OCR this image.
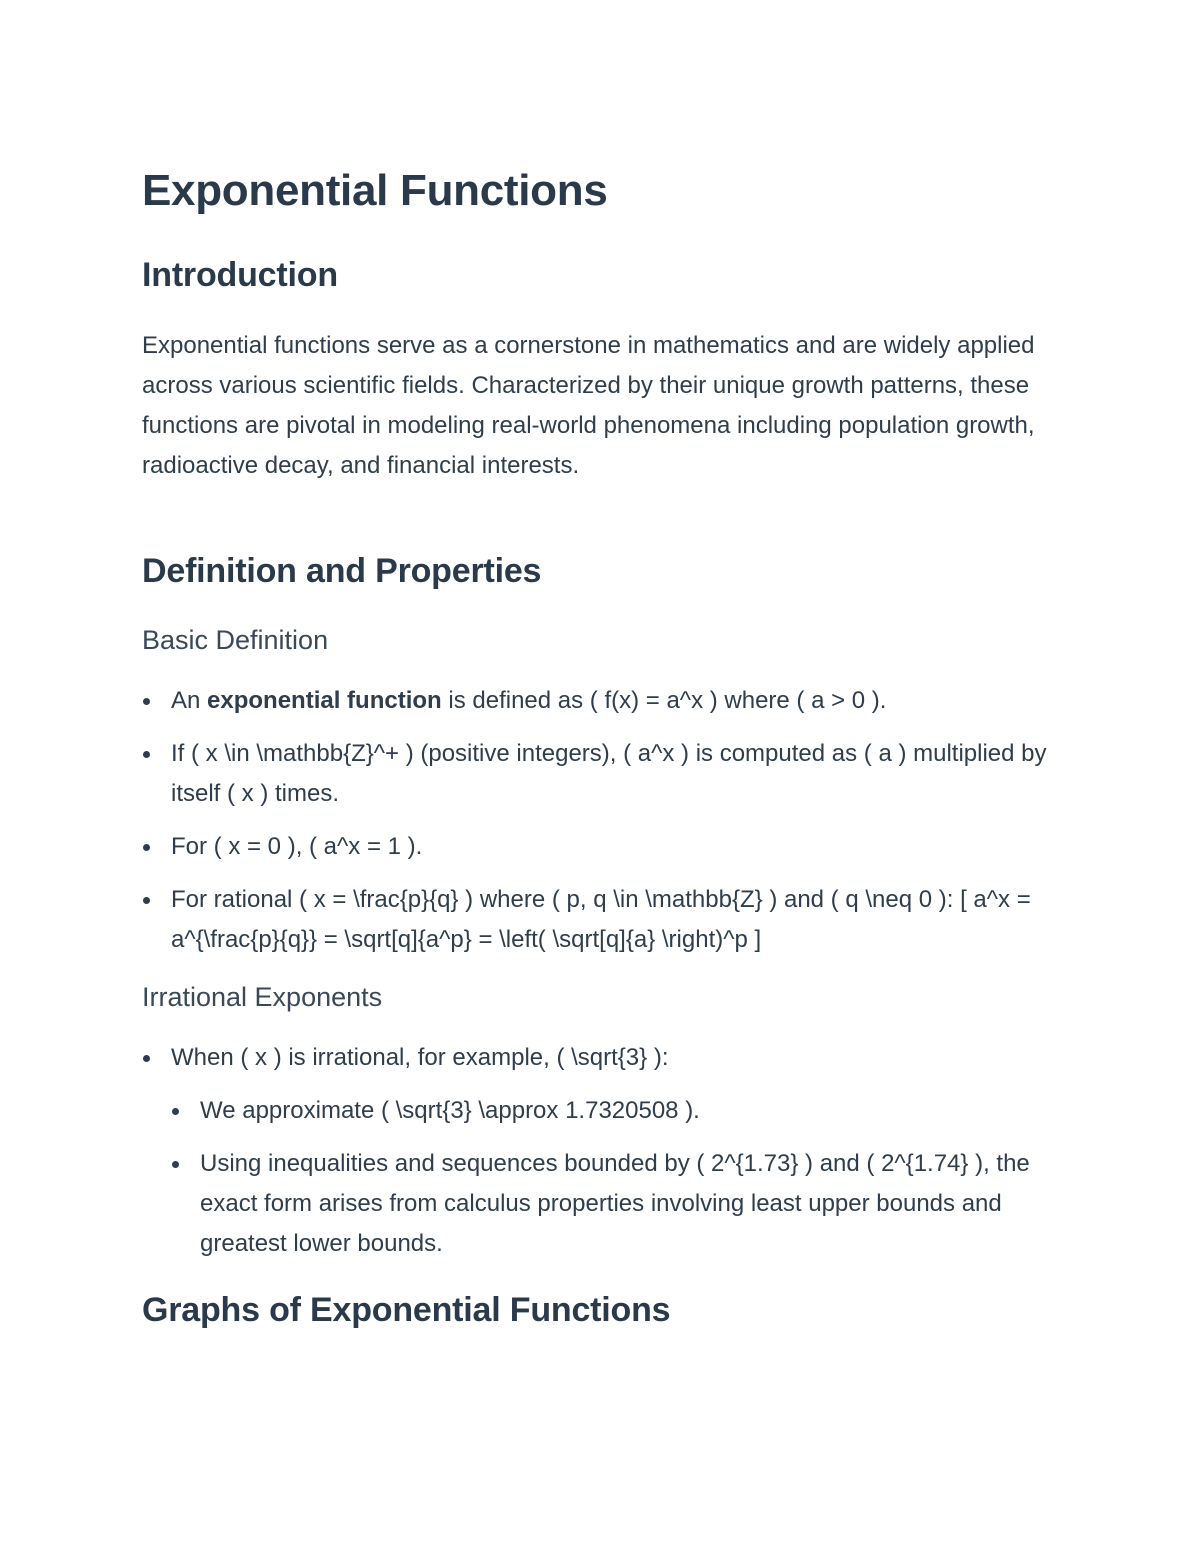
Exponential Functions
Introduction

Exponential functions serve as a cornerstone in mathematics and are widely applied across various scientific fields. Characterized by their unique growth patterns, these functions are pivotal in modeling real-world phenomena including population growth, radioactive decay, and financial interests.

Definition and Properties
Basic Definition
An exponential function is defined as ( f(x) = a^x ) where ( a > 0 ).
If ( x \in \mathbb{Z}^+ ) (positive integers), ( a^x ) is computed as ( a ) multiplied by itself ( x ) times.
For ( x = 0 ), ( a^x = 1 ).
For rational ( x = \frac{p}{q} ) where ( p, q \in \mathbb{Z} ) and ( q \neq 0 ): [ a^x = a^{\frac{p}{q}} = \sqrt[q]{a^p} = \left( \sqrt[q]{a} \right)^p ]
Irrational Exponents
When ( x ) is irrational, for example, ( \sqrt{3} ):
We approximate ( \sqrt{3} \approx 1.7320508 ).
Using inequalities and sequences bounded by ( 2^{1.73} ) and ( 2^{1.74} ), the exact form arises from calculus properties involving least upper bounds and greatest lower bounds.
Graphs of Exponential Functions
